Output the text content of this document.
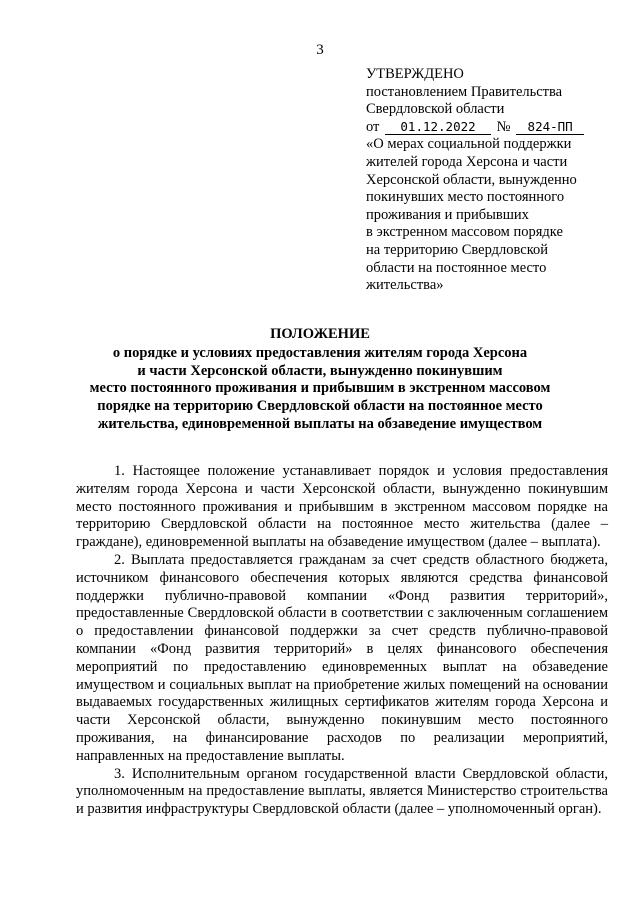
3
УТВЕРЖДЕНО
постановлением Правительства
Свердловской области
от 01.12.2022 № 824-ПП
«О мерах социальной поддержки
жителей города Херсона и части
Херсонской области, вынужденно
покинувших место постоянного
проживания и прибывших
в экстренном массовом порядке
на территорию Свердловской
области на постоянное место
жительства»
ПОЛОЖЕНИЕ
о порядке и условиях предоставления жителям города Херсона
и части Херсонской области, вынужденно покинувшим
место постоянного проживания и прибывшим в экстренном массовом
порядке на территорию Свердловской области на постоянное место
жительства, единовременной выплаты на обзаведение имуществом

1. Настоящее положение устанавливает порядок и условия предоставления жителям города Херсона и части Херсонской области, вынужденно покинувшим место постоянного проживания и прибывшим в экстренном массовом порядке на территорию Свердловской области на постоянное место жительства (далее – граждане), единовременной выплаты на обзаведение имуществом (далее – выплата).

2. Выплата предоставляется гражданам за счет средств областного бюджета, источником финансового обеспечения которых являются средства финансовой поддержки публично-правовой компании «Фонд развития территорий», предоставленные Свердловской области в соответствии с заключенным соглашением о предоставлении финансовой поддержки за счет средств публично-правовой компании «Фонд развития территорий» в целях финансового обеспечения мероприятий по предоставлению единовременных выплат на обзаведение имуществом и социальных выплат на приобретение жилых помещений на основании выдаваемых государственных жилищных сертификатов жителям города Херсона и части Херсонской области, вынужденно покинувшим место постоянного проживания, на финансирование расходов по реализации мероприятий, направленных на предоставление выплаты.

3. Исполнительным органом государственной власти Свердловской области, уполномоченным на предоставление выплаты, является Министерство строительства и развития инфраструктуры Свердловской области (далее – уполномоченный орган).
